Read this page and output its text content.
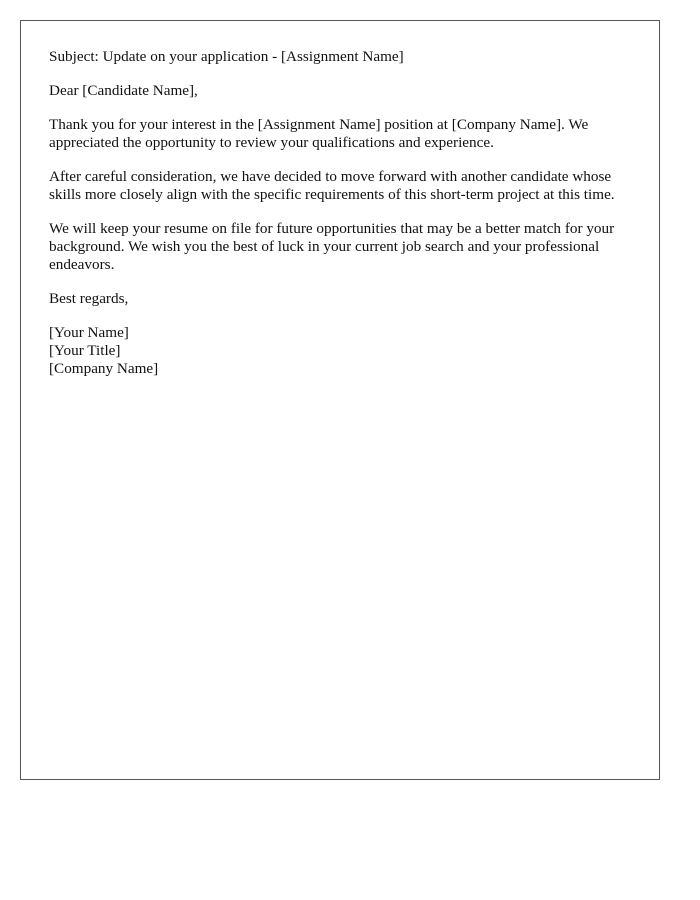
Subject: Update on your application - [Assignment Name]

Dear [Candidate Name],

Thank you for your interest in the [Assignment Name] position at [Company Name]. We appreciated the opportunity to review your qualifications and experience.

After careful consideration, we have decided to move forward with another candidate whose skills more closely align with the specific requirements of this short-term project at this time.

We will keep your resume on file for future opportunities that may be a better match for your background. We wish you the best of luck in your current job search and your professional endeavors.

Best regards,

[Your Name]
[Your Title]
[Company Name]
